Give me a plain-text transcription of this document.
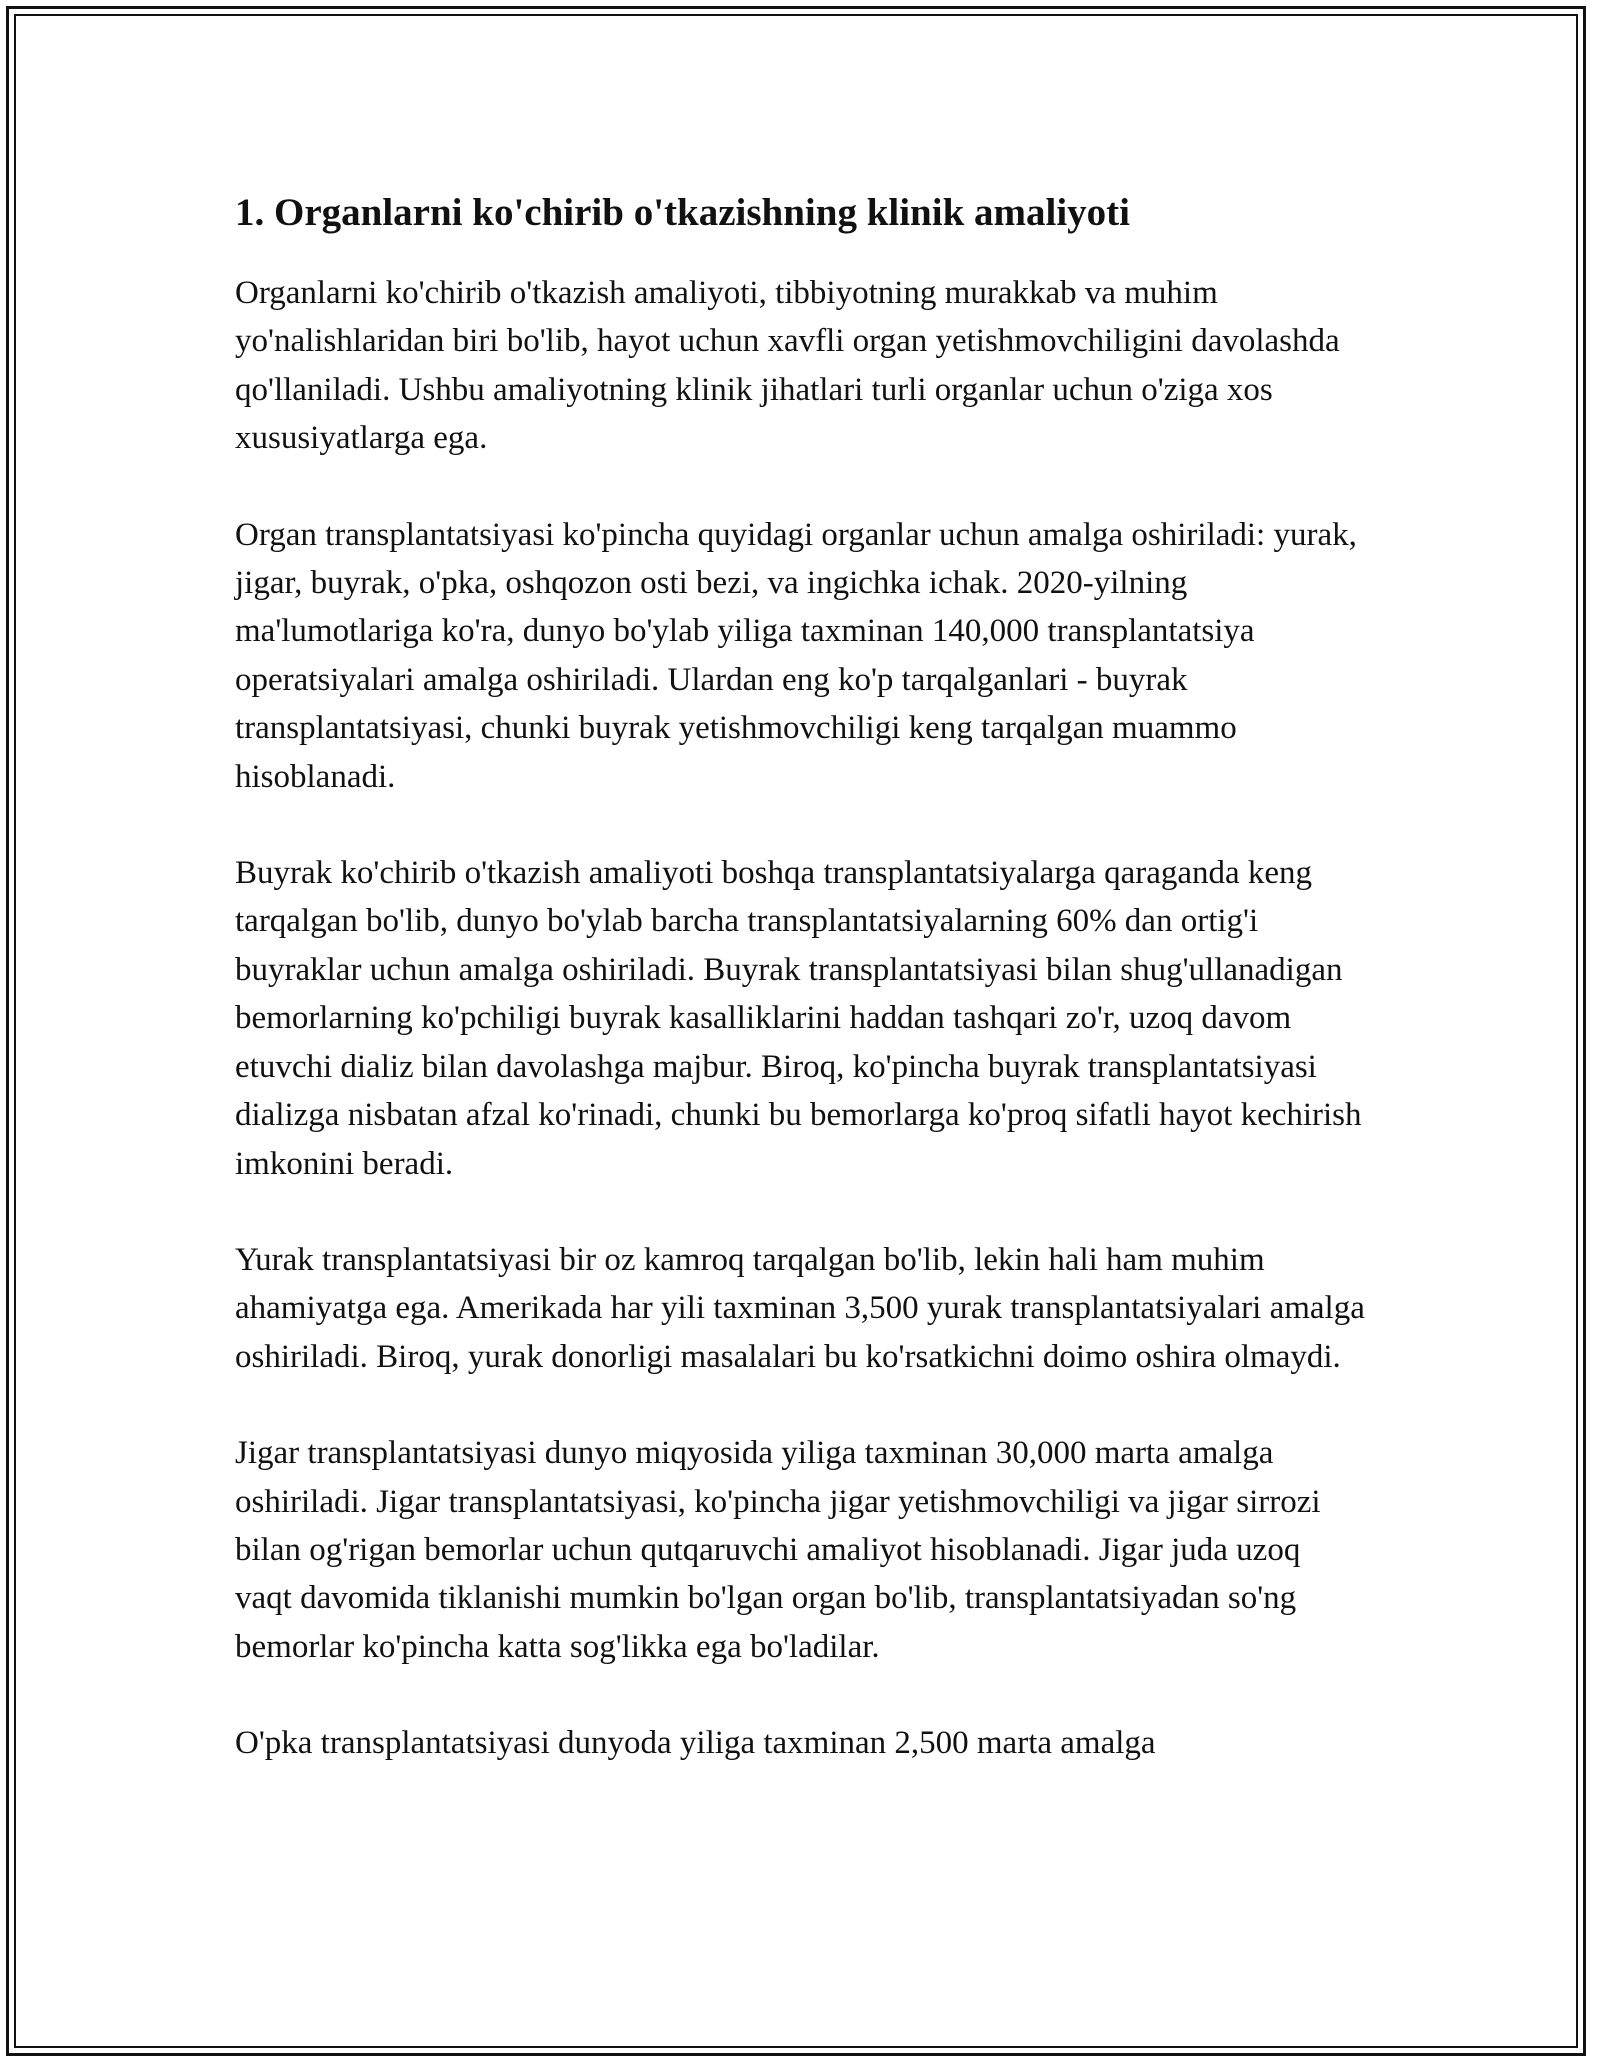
1. Organlarni ko'chirib o'tkazishning klinik amaliyoti

Organlarni ko'chirib o'tkazish amaliyoti, tibbiyotning murakkab va muhim yo'nalishlaridan biri bo'lib, hayot uchun xavfli organ yetishmovchiligini davolashda qo'llaniladi. Ushbu amaliyotning klinik jihatlari turli organlar uchun o'ziga xos xususiyatlarga ega.

Organ transplantatsiyasi ko'pincha quyidagi organlar uchun amalga oshiriladi: yurak, jigar, buyrak, o'pka, oshqozon osti bezi, va ingichka ichak. 2020-yilning ma'lumotlariga ko'ra, dunyo bo'ylab yiliga taxminan 140,000 transplantatsiya operatsiyalari amalga oshiriladi. Ulardan eng ko'p tarqalganlari - buyrak transplantatsiyasi, chunki buyrak yetishmovchiligi keng tarqalgan muammo hisoblanadi.

Buyrak ko'chirib o'tkazish amaliyoti boshqa transplantatsiyalarga qaraganda keng tarqalgan bo'lib, dunyo bo'ylab barcha transplantatsiyalarning 60% dan ortig'i buyraklar uchun amalga oshiriladi. Buyrak transplantatsiyasi bilan shug'ullanadigan bemorlarning ko'pchiligi buyrak kasalliklarini haddan tashqari zo'r, uzoq davom etuvchi dializ bilan davolashga majbur. Biroq, ko'pincha buyrak transplantatsiyasi dializga nisbatan afzal ko'rinadi, chunki bu bemorlarga ko'proq sifatli hayot kechirish imkonini beradi.

Yurak transplantatsiyasi bir oz kamroq tarqalgan bo'lib, lekin hali ham muhim ahamiyatga ega. Amerikada har yili taxminan 3,500 yurak transplantatsiyalari amalga oshiriladi. Biroq, yurak donorligi masalalari bu ko'rsatkichni doimo oshira olmaydi.

Jigar transplantatsiyasi dunyo miqyosida yiliga taxminan 30,000 marta amalga oshiriladi. Jigar transplantatsiyasi, ko'pincha jigar yetishmovchiligi va jigar sirrozi bilan og'rigan bemorlar uchun qutqaruvchi amaliyot hisoblanadi. Jigar juda uzoq vaqt davomida tiklanishi mumkin bo'lgan organ bo'lib, transplantatsiyadan so'ng bemorlar ko'pincha katta sog'likka ega bo'ladilar.

O'pka transplantatsiyasi dunyoda yiliga taxminan 2,500 marta amalga
